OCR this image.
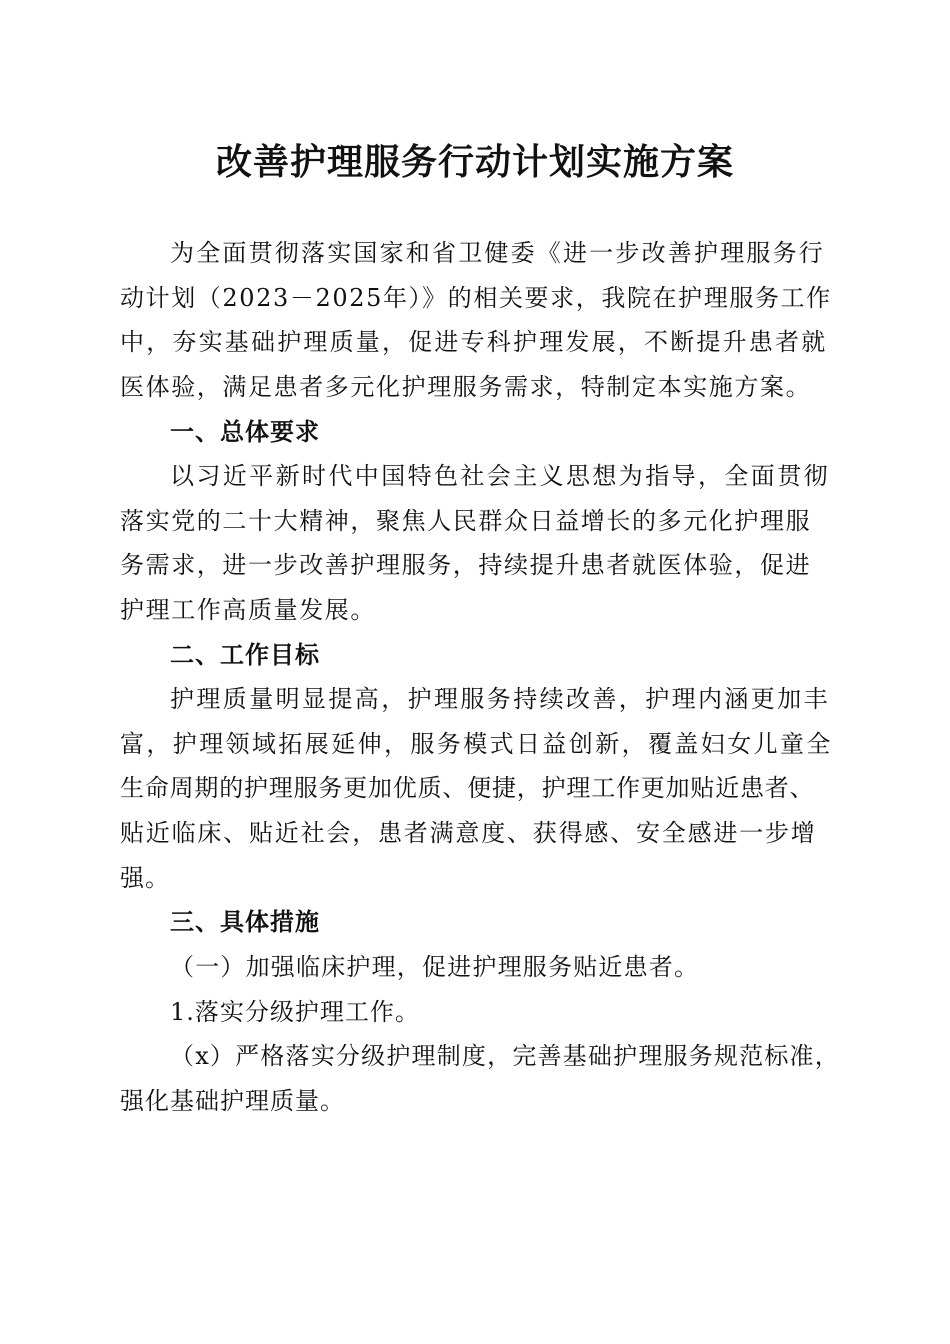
改善护理服务行动计划实施方案
为全面贯彻落实国家和省卫健委《进一步改善护理服务行
动计划（2023－2025年）》的相关要求，我院在护理服务工作
中，夯实基础护理质量，促进专科护理发展，不断提升患者就
医体验，满足患者多元化护理服务需求，特制定本实施方案。
一、总体要求
以习近平新时代中国特色社会主义思想为指导，全面贯彻
落实党的二十大精神，聚焦人民群众日益增长的多元化护理服
务需求，进一步改善护理服务，持续提升患者就医体验，促进
护理工作高质量发展。
二、工作目标
护理质量明显提高，护理服务持续改善，护理内涵更加丰
富，护理领域拓展延伸，服务模式日益创新，覆盖妇女儿童全
生命周期的护理服务更加优质、便捷，护理工作更加贴近患者、
贴近临床、贴近社会，患者满意度、获得感、安全感进一步增
强。
三、具体措施
（一）加强临床护理，促进护理服务贴近患者。
1.落实分级护理工作。
（x）严格落实分级护理制度，完善基础护理服务规范标准，
强化基础护理质量。
